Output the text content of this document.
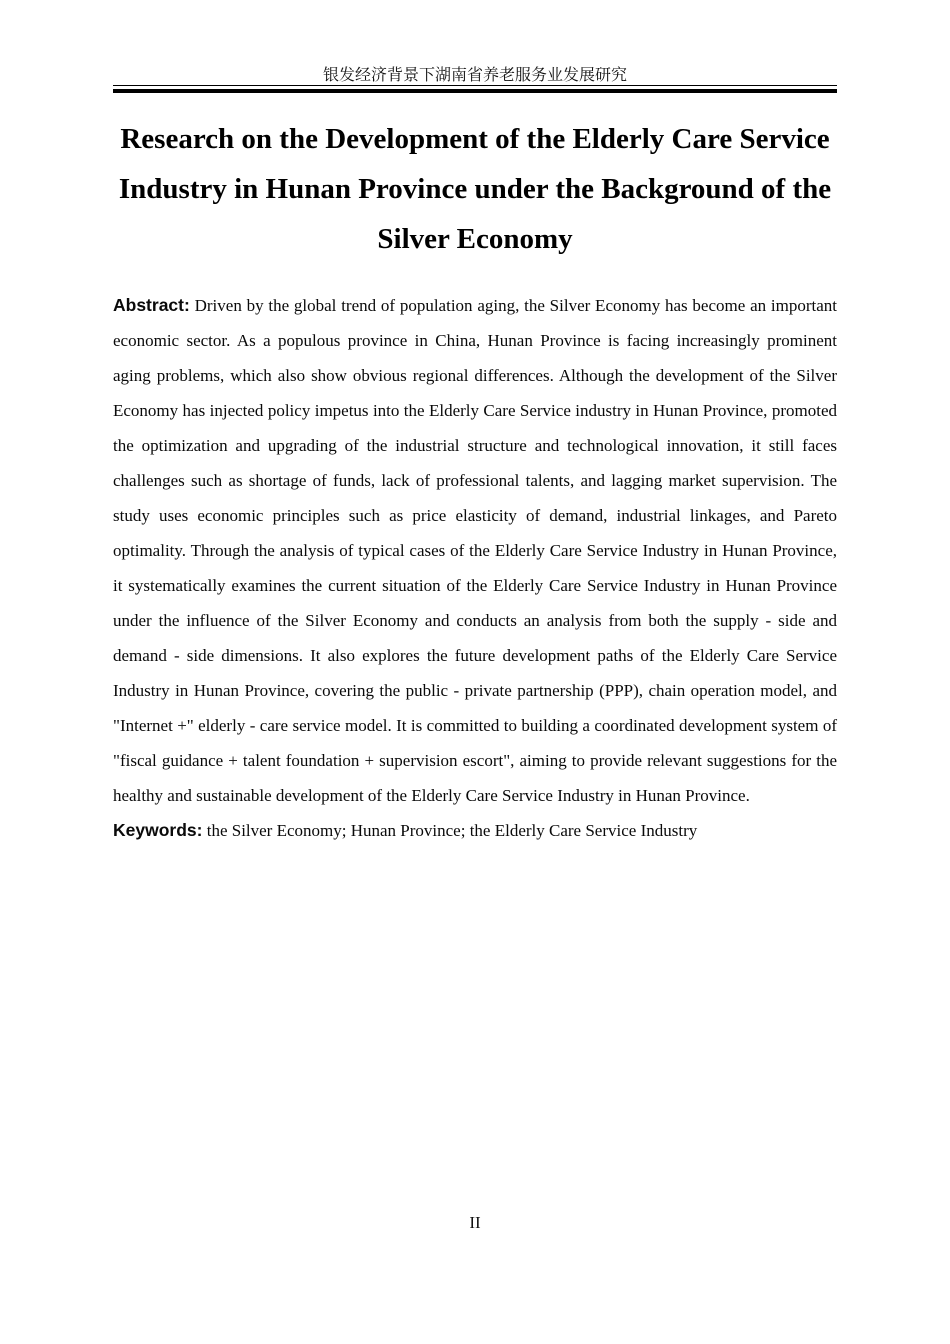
银发经济背景下湖南省养老服务业发展研究
Research on the Development of the Elderly Care Service Industry in Hunan Province under the Background of the Silver Economy

Abstract: Driven by the global trend of population aging, the Silver Economy has become an important economic sector. As a populous province in China, Hunan Province is facing increasingly prominent aging problems, which also show obvious regional differences. Although the development of the Silver Economy has injected policy impetus into the Elderly Care Service industry in Hunan Province, promoted the optimization and upgrading of the industrial structure and technological innovation, it still faces challenges such as shortage of funds, lack of professional talents, and lagging market supervision. The study uses economic principles such as price elasticity of demand, industrial linkages, and Pareto optimality. Through the analysis of typical cases of the Elderly Care Service Industry in Hunan Province, it systematically examines the current situation of the Elderly Care Service Industry in Hunan Province under the influence of the Silver Economy and conducts an analysis from both the supply - side and demand - side dimensions. It also explores the future development paths of the Elderly Care Service Industry in Hunan Province, covering the public - private partnership (PPP), chain operation model, and "Internet +" elderly - care service model. It is committed to building a coordinated development system of "fiscal guidance + talent foundation + supervision escort", aiming to provide relevant suggestions for the healthy and sustainable development of the Elderly Care Service Industry in Hunan Province.

Keywords: the Silver Economy; Hunan Province; the Elderly Care Service Industry

II
